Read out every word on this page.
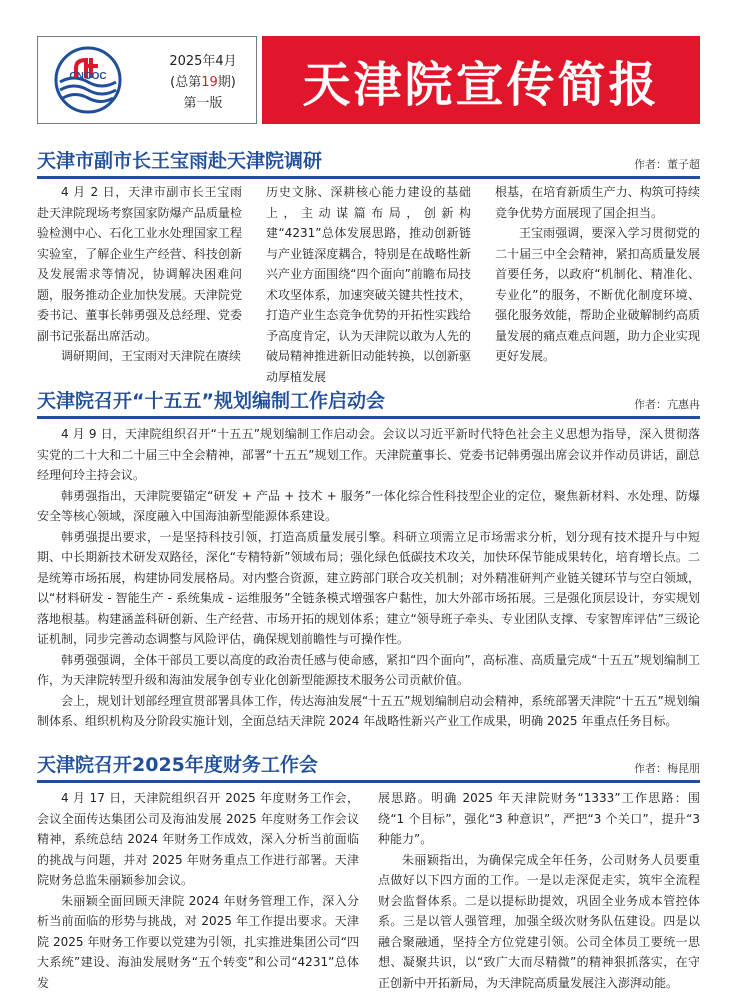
CNOOC
2025年4月
(总第19期)
第一版	天津院宣传简报
天津市副市长王宝雨赴天津院调研	作者：董子超

4 月 2 日，天津市副市长王宝雨赴天津院现场考察国家防爆产品质量检验检测中心、石化工业水处理国家工程实验室，了解企业生产经营、科技创新及发展需求等情况，协调解决困难问题，服务推动企业加快发展。天津院党委书记、董事长韩勇强及总经理、党委副书记张磊出席活动。

调研期间，王宝雨对天津院在赓续

历史文脉、深耕核心能力建设的基础上，主动谋篇布局，创新构建“4231”总体发展思路，推动创新链与产业链深度耦合，特别是在战略性新兴产业方面围绕“四个面向”前瞻布局技术攻坚体系，加速突破关键共性技术，打造产业生态竞争优势的开拓性实践给予高度肯定，认为天津院以敢为人先的破局精神推进新旧动能转换，以创新驱动厚植发展

根基，在培育新质生产力、构筑可持续竞争优势方面展现了国企担当。

王宝雨强调，要深入学习贯彻党的二十届三中全会精神，紧扣高质量发展首要任务，以政府“机制化、精准化、专业化”的服务，不断优化制度环境、强化服务效能，帮助企业破解制约高质量发展的痛点难点问题，助力企业实现更好发展。

天津院召开“十五五”规划编制工作启动会	作者：亢惠冉

4 月 9 日，天津院组织召开“十五五”规划编制工作启动会。会议以习近平新时代特色社会主义思想为指导，深入贯彻落实党的二十大和二十届三中全会精神，部署“十五五”规划工作。天津院董事长、党委书记韩勇强出席会议并作动员讲话，副总经理何玲主持会议。

韩勇强指出，天津院要锚定“研发 + 产品 + 技术 + 服务”一体化综合性科技型企业的定位，聚焦新材料、水处理、防爆安全等核心领域，深度融入中国海油新型能源体系建设。

韩勇强提出要求，一是坚持科技引领，打造高质量发展引擎。科研立项需立足市场需求分析，划分现有技术提升与中短期、中长期新技术研发双路径，深化“专精特新”领域布局；强化绿色低碳技术攻关，加快环保节能成果转化，培育增长点。二是统筹市场拓展，构建协同发展格局。对内整合资源，建立跨部门联合攻关机制；对外精准研判产业链关键环节与空白领域，以“材料研发 - 智能生产 - 系统集成 - 运维服务”全链条模式增强客户黏性，加大外部市场拓展。三是强化顶层设计，夯实规划落地根基。构建涵盖科研创新、生产经营、市场开拓的规划体系；建立“领导班子牵头、专业团队支撑、专家智库评估”三级论证机制，同步完善动态调整与风险评估，确保规划前瞻性与可操作性。

韩勇强强调，全体干部员工要以高度的政治责任感与使命感，紧扣“四个面向”，高标准、高质量完成“十五五”规划编制工作，为天津院转型升级和海油发展争创专业化创新型能源技术服务公司贡献价值。

会上，规划计划部经理宣贯部署具体工作，传达海油发展“十五五”规划编制启动会精神，系统部署天津院“十五五”规划编制体系、组织机构及分阶段实施计划，全面总结天津院 2024 年战略性新兴产业工作成果，明确 2025 年重点任务目标。

天津院召开2025年度财务工作会	作者：梅昆朋

4 月 17 日，天津院组织召开 2025 年度财务工作会，会议全面传达集团公司及海油发展 2025 年度财务工作会议精神，系统总结 2024 年财务工作成效，深入分析当前面临的挑战与问题，并对 2025 年财务重点工作进行部署。天津院财务总监朱丽颖参加会议。

朱丽颖全面回顾天津院 2024 年财务管理工作，深入分析当前面临的形势与挑战，对 2025 年工作提出要求。天津院 2025 年财务工作要以党建为引领，扎实推进集团公司“四大系统”建设、海油发展财务“五个转变”和公司“4231”总体发

展思路。明确 2025 年天津院财务“1333”工作思路：围绕“1 个目标”，强化“3 种意识”，严把“3 个关口”，提升“3 种能力”。

朱丽颖指出，为确保完成全年任务，公司财务人员要重点做好以下四方面的工作。一是以走深促走实，筑牢全流程财会监督体系。二是以提标助提效，巩固全业务成本管控体系。三是以管人强管理，加强全级次财务队伍建设。四是以融合聚融通，坚持全方位党建引领。公司全体员工要统一思想、凝聚共识，以“致广大而尽精微”的精神狠抓落实，在守正创新中开拓新局，为天津院高质量发展注入澎湃动能。
